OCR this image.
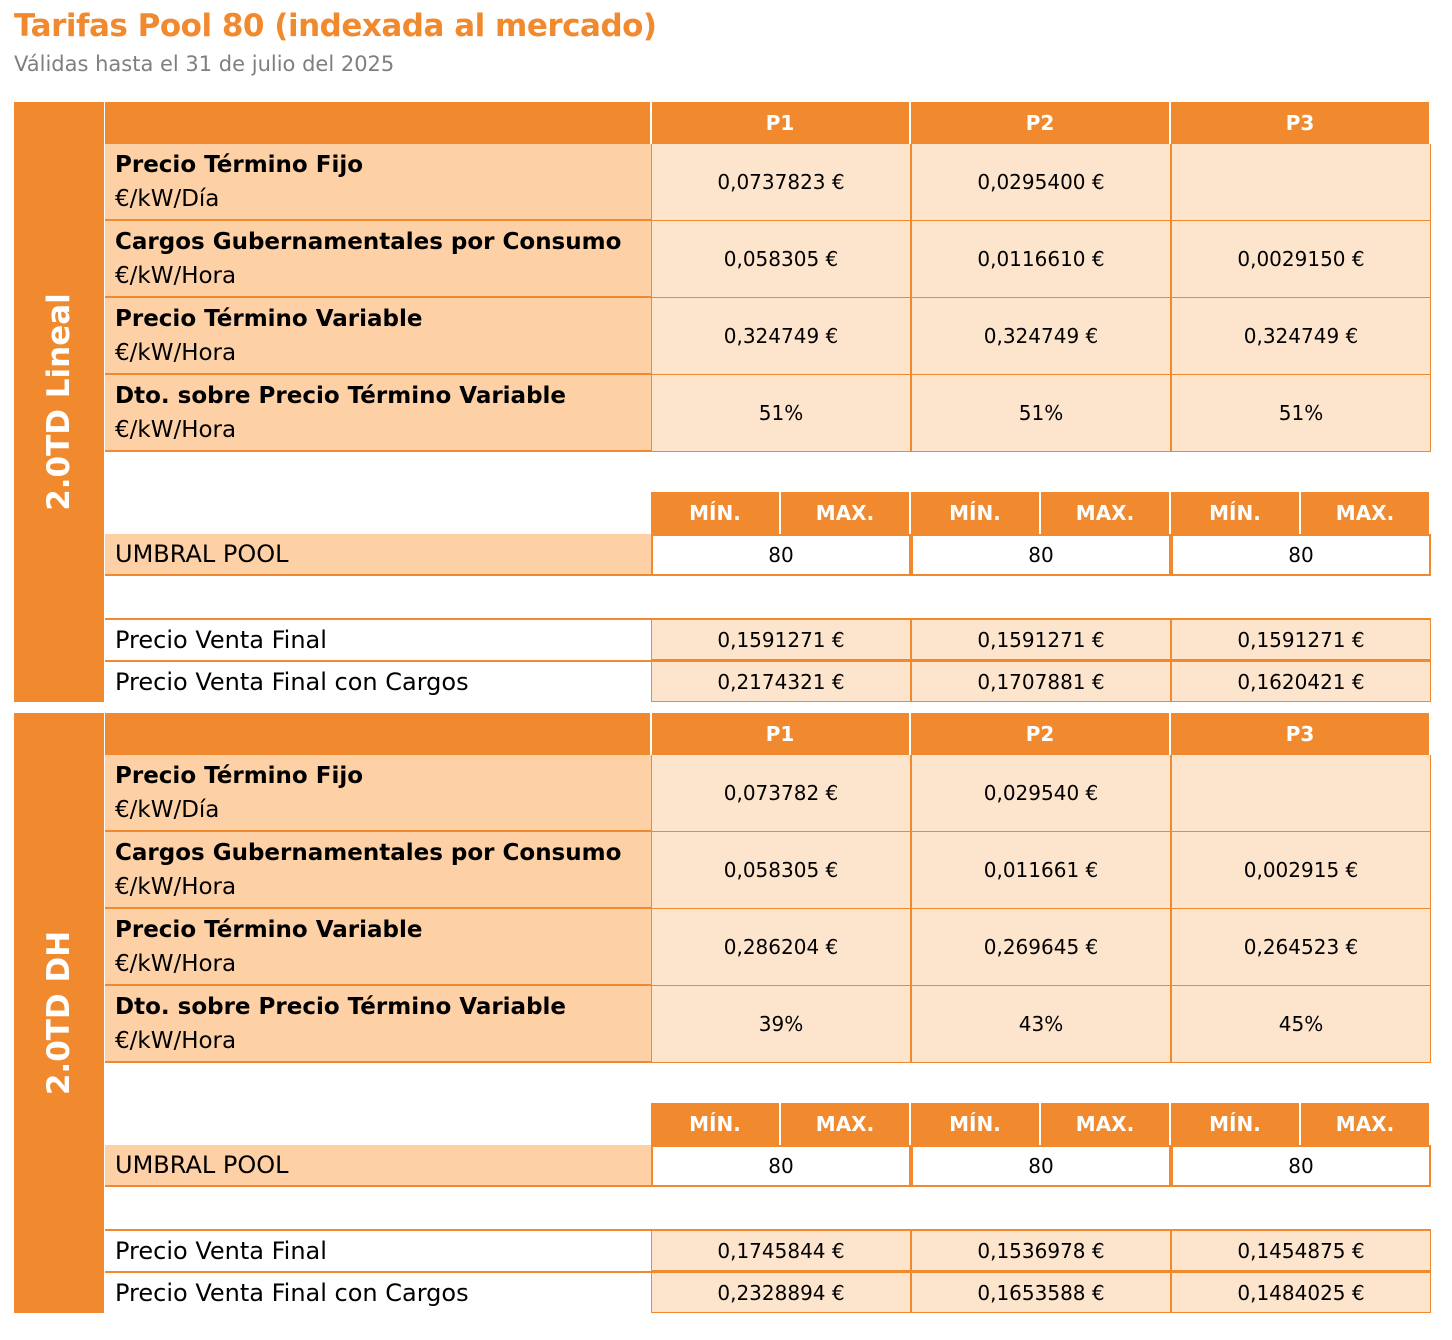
Tarifas Pool 80 (indexada al mercado)
Válidas hasta el 31 de julio del 2025
2.0TD Lineal
P1	P2	P3
Precio Término Fijo
€/kW/Día
0,0737823 €	0,0295400 €
Cargos Gubernamentales por Consumo
€/kW/Hora
0,058305 €	0,0116610 €	0,0029150 €
Precio Término Variable
€/kW/Hora
0,324749 €	0,324749 €	0,324749 €
Dto. sobre Precio Término Variable
€/kW/Hora
51%	51%	51%
MÍN.	MAX.	MÍN.	MAX.	MÍN.	MAX.
UMBRAL POOL	80	80	80
Precio Venta Final	0,1591271 €	0,1591271 €	0,1591271 €
Precio Venta Final con Cargos	0,2174321 €	0,1707881 €	0,1620421 €
2.0TD DH
P1	P2	P3
Precio Término Fijo
€/kW/Día
0,073782 €	0,029540 €
Cargos Gubernamentales por Consumo
€/kW/Hora
0,058305 €	0,011661 €	0,002915 €
Precio Término Variable
€/kW/Hora
0,286204 €	0,269645 €	0,264523 €
Dto. sobre Precio Término Variable
€/kW/Hora
39%	43%	45%
MÍN.	MAX.	MÍN.	MAX.	MÍN.	MAX.
UMBRAL POOL	80	80	80
Precio Venta Final	0,1745844 €	0,1536978 €	0,1454875 €
Precio Venta Final con Cargos	0,2328894 €	0,1653588 €	0,1484025 €
